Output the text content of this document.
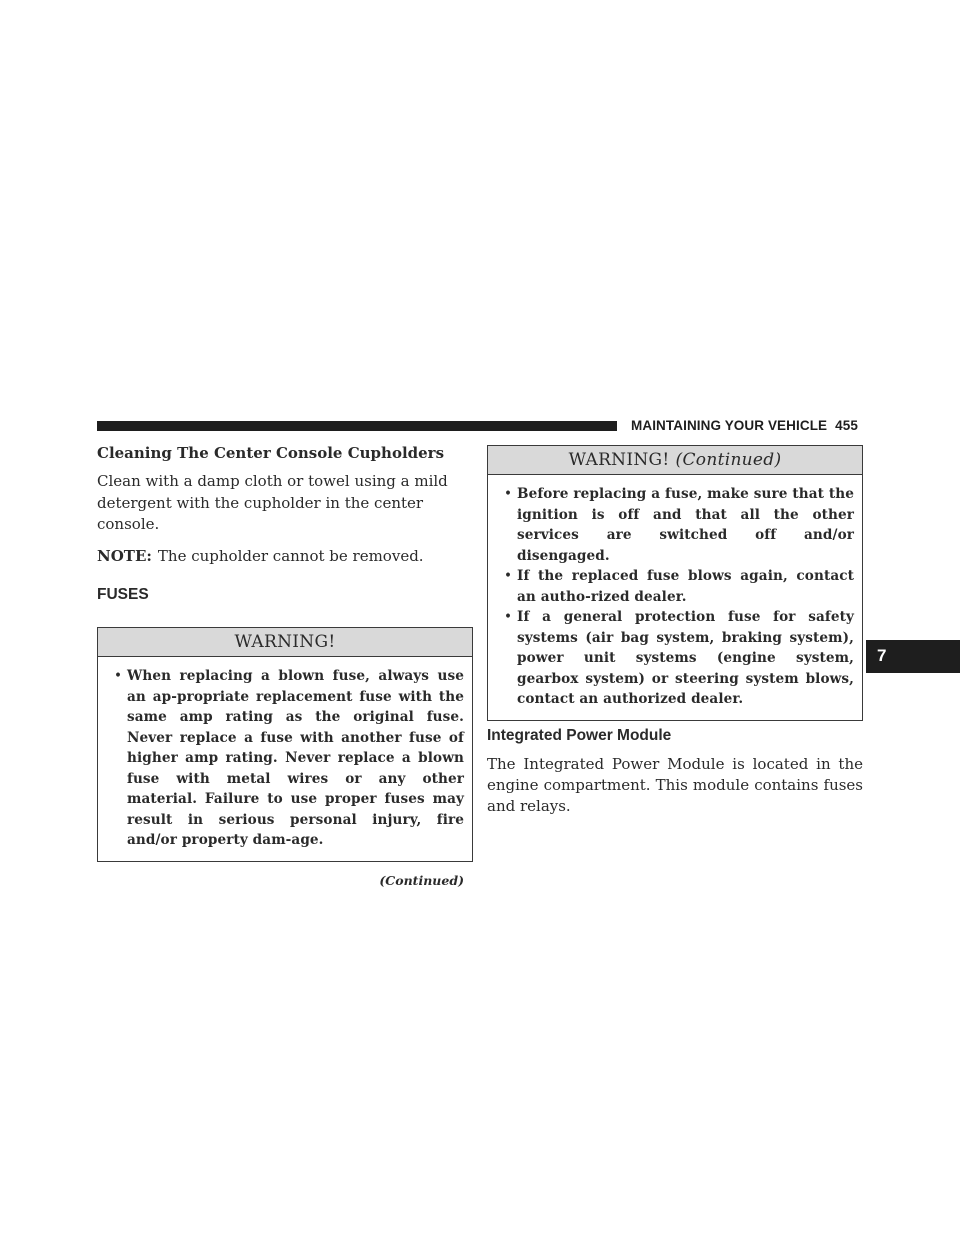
MAINTAINING YOUR VEHICLE 455
7
Cleaning The Center Console Cupholders

Clean with a damp cloth or towel using a mild detergent with the cupholder in the center console.

NOTE: The cupholder cannot be removed.

FUSES
WARNING!
• When replacing a blown fuse, always use an ap-propriate replacement fuse with the same amp rating as the original fuse. Never replace a fuse with another fuse of higher amp rating. Never replace a blown fuse with metal wires or any other material. Failure to use proper fuses may result in serious personal injury, fire and/or property dam-age.
(Continued)
WARNING! (Continued)
• Before replacing a fuse, make sure that the ignition is off and that all the other services are switched off and/or disengaged.
• If the replaced fuse blows again, contact an autho-rized dealer.
• If a general protection fuse for safety systems (air bag system, braking system), power unit systems (engine system, gearbox system) or steering system blows, contact an authorized dealer.
Integrated Power Module

The Integrated Power Module is located in the engine compartment. This module contains fuses and relays.
